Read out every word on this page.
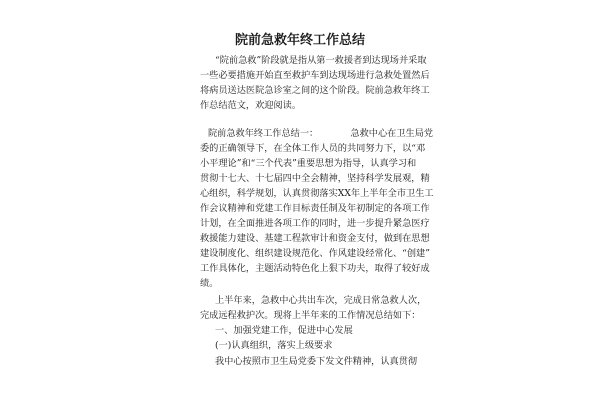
院前急救年终工作总结

“院前急救”阶段就是指从第一救援者到达现场并采取

一些必要措施开始直至救护车到达现场进行急救处置然后

将病员送达医院急诊室之间的这个阶段。院前急救年终工

作总结范文，欢迎阅读。

院前急救年终工作总结一：　　　　急救中心在卫生局党

委的正确领导下，在全体工作人员的共同努力下，以“邓

小平理论”和“三个代表”重要思想为指导，认真学习和

贯彻十七大、十七届四中全会精神，坚持科学发展观，精

心组织，科学规划，认真贯彻落实XX年上半年全市卫生工

作会议精神和党建工作目标责任制及年初制定的各项工作

计划，在全面推进各项工作的同时，进一步提升紧急医疗

救援能力建设、基建工程款审计和资金支付，做到在思想

建设制度化、组织建设规范化、作风建设经常化、“创建”

工作具体化，主题活动特色化上狠下功夫，取得了较好成

绩。

上半年来，急救中心共出车次，完成日常急救人次，

完成远程救护次。现将上半年来的工作情况总结如下：

一、加强党建工作，促进中心发展

(一)认真组织，落实上级要求

我中心按照市卫生局党委下发文件精神，认真贯彻
